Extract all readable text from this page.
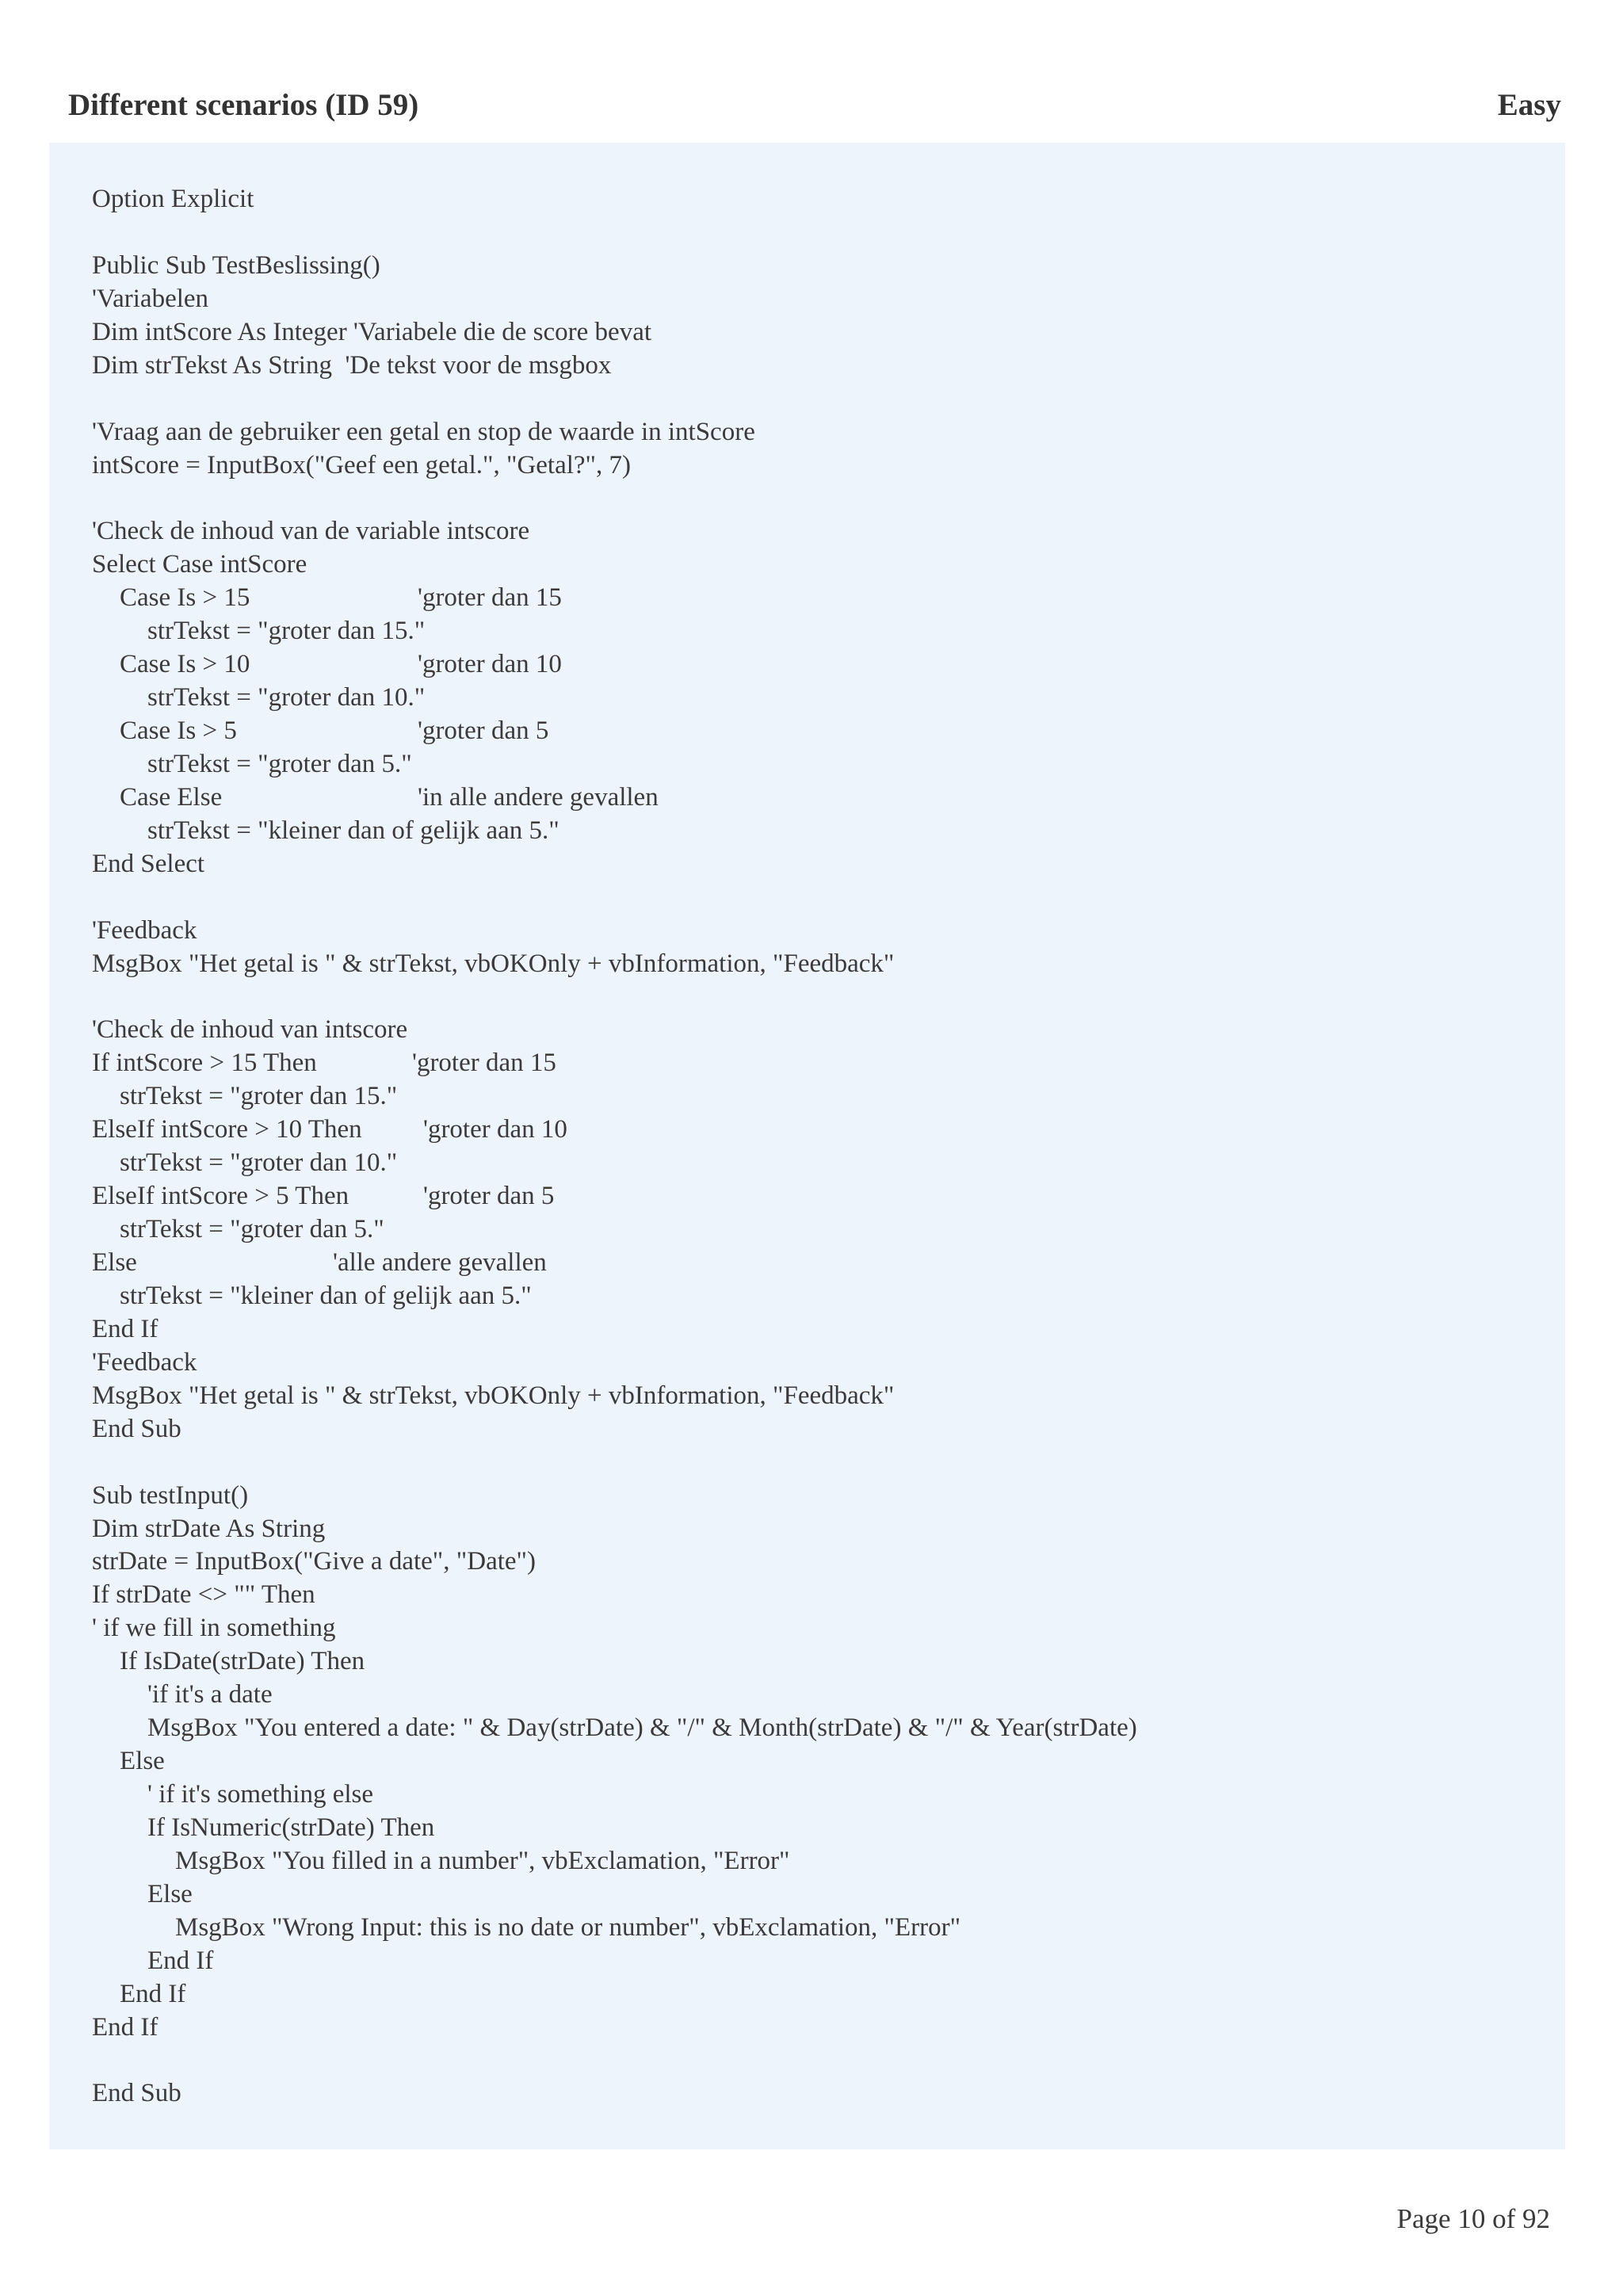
Different scenarios (ID 59)	Easy
Option Explicit
Public Sub TestBeslissing()
'Variabelen
Dim intScore As Integer 'Variabele die de score bevat
Dim strTekst As String  'De tekst voor de msgbox
'Vraag aan de gebruiker een getal en stop de waarde in intScore
intScore = InputBox("Geef een getal.", "Getal?", 7)
'Check de inhoud van de variable intscore
Select Case intScore
Case Is > 15	'groter dan 15
strTekst = "groter dan 15."
Case Is > 10	'groter dan 10
strTekst = "groter dan 10."
Case Is > 5	'groter dan 5
strTekst = "groter dan 5."
Case Else	'in alle andere gevallen
strTekst = "kleiner dan of gelijk aan 5."
End Select
'Feedback
MsgBox "Het getal is " & strTekst, vbOKOnly + vbInformation, "Feedback"
'Check de inhoud van intscore
If intScore > 15 Then	'groter dan 15
strTekst = "groter dan 15."
ElseIf intScore > 10 Then 'groter dan 10
strTekst = "groter dan 10."
ElseIf intScore > 5 Then	'groter dan 5
strTekst = "groter dan 5."
Else	'alle andere gevallen
strTekst = "kleiner dan of gelijk aan 5."
End If
'Feedback
MsgBox "Het getal is " & strTekst, vbOKOnly + vbInformation, "Feedback"
End Sub
Sub testInput()
Dim strDate As String
strDate = InputBox("Give a date", "Date")
If strDate <> "" Then
' if we fill in something
If IsDate(strDate) Then
'if it's a date
MsgBox "You entered a date: " & Day(strDate) & "/" & Month(strDate) & "/" & Year(strDate)
Else
' if it's something else
If IsNumeric(strDate) Then
MsgBox "You filled in a number", vbExclamation, "Error"
Else
MsgBox "Wrong Input: this is no date or number", vbExclamation, "Error"
End If
End If
End If
End Sub
Page 10 of 92
